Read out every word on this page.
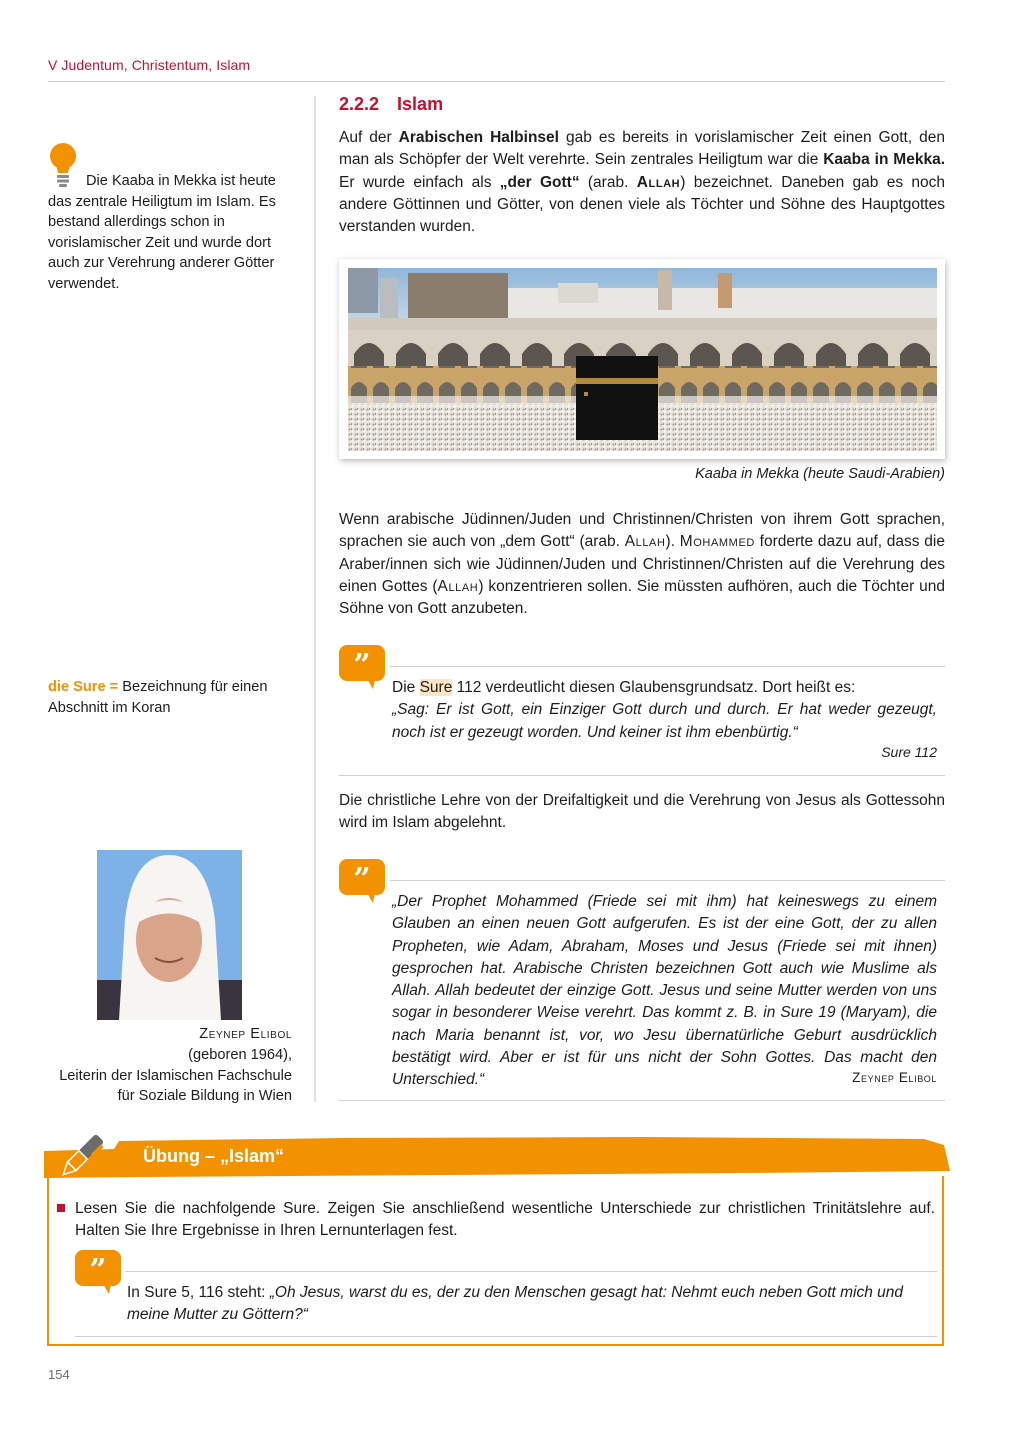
V Judentum, Christentum, Islam
2.2.2 Islam
Auf der Arabischen Halbinsel gab es bereits in vorislamischer Zeit einen Gott, den man als Schöpfer der Welt verehrte. Sein zentrales Heiligtum war die Kaaba in Mekka. Er wurde einfach als „der Gott“ (arab. Allah) bezeichnet. Daneben gab es noch andere Göttinnen und Götter, von denen viele als Töchter und Söhne des Hauptgottes verstanden wurden.
Die Kaaba in Mekka ist heute das zentrale Heiligtum im Islam. Es bestand allerdings schon in vorislamischer Zeit und wurde dort auch zur Verehrung anderer Götter verwendet.
Kaaba in Mekka (heute Saudi-Arabien)
Wenn arabische Jüdinnen/Juden und Christinnen/Christen von ihrem Gott sprachen, sprachen sie auch von „dem Gott“ (arab. Allah). Mohammed forderte dazu auf, dass die Araber/innen sich wie Jüdinnen/Juden und Christinnen/Christen auf die Verehrung des einen Gottes (Allah) konzentrieren sollen. Sie müssten aufhören, auch die Töchter und Söhne von Gott anzubeten.
die Sure = Bezeichnung für einen Abschnitt im Koran
”
Die Sure 112 verdeutlicht diesen Glaubensgrundsatz. Dort heißt es:
„Sag: Er ist Gott, ein Einziger Gott durch und durch. Er hat weder gezeugt, noch ist er gezeugt worden. Und keiner ist ihm ebenbürtig.“
Sure 112
Die christliche Lehre von der Dreifaltigkeit und die Verehrung von Jesus als Gottessohn wird im Islam abgelehnt.
”
„Der Prophet Mohammed (Friede sei mit ihm) hat keineswegs zu einem Glauben an einen neuen Gott aufgerufen. Es ist der eine Gott, der zu allen Propheten, wie Adam, Abraham, Moses und Jesus (Friede sei mit ihnen) gesprochen hat. Arabische Christen bezeichnen Gott auch wie Muslime als Allah. Allah bedeutet der einzige Gott. Jesus und seine Mutter werden von uns sogar in besonderer Weise verehrt. Das kommt z. B. in Sure 19 (Maryam), die nach Maria benannt ist, vor, wo Jesu übernatürliche Geburt ausdrücklich bestätigt wird. Aber er ist für uns nicht der Sohn Gottes. Das macht den Unterschied.“	Zeynep Elibol
Zeynep Elibol
(geboren 1964),
Leiterin der Islamischen Fachschule für Soziale Bildung in Wien
Übung – „Islam“
Lesen Sie die nachfolgende Sure. Zeigen Sie anschließend wesentliche Unterschiede zur christlichen Trinitätslehre auf. Halten Sie Ihre Ergebnisse in Ihren Lernunterlagen fest.
”
In Sure 5, 116 steht: „Oh Jesus, warst du es, der zu den Menschen gesagt hat: Nehmt euch neben Gott mich und meine Mutter zu Göttern?“
154
